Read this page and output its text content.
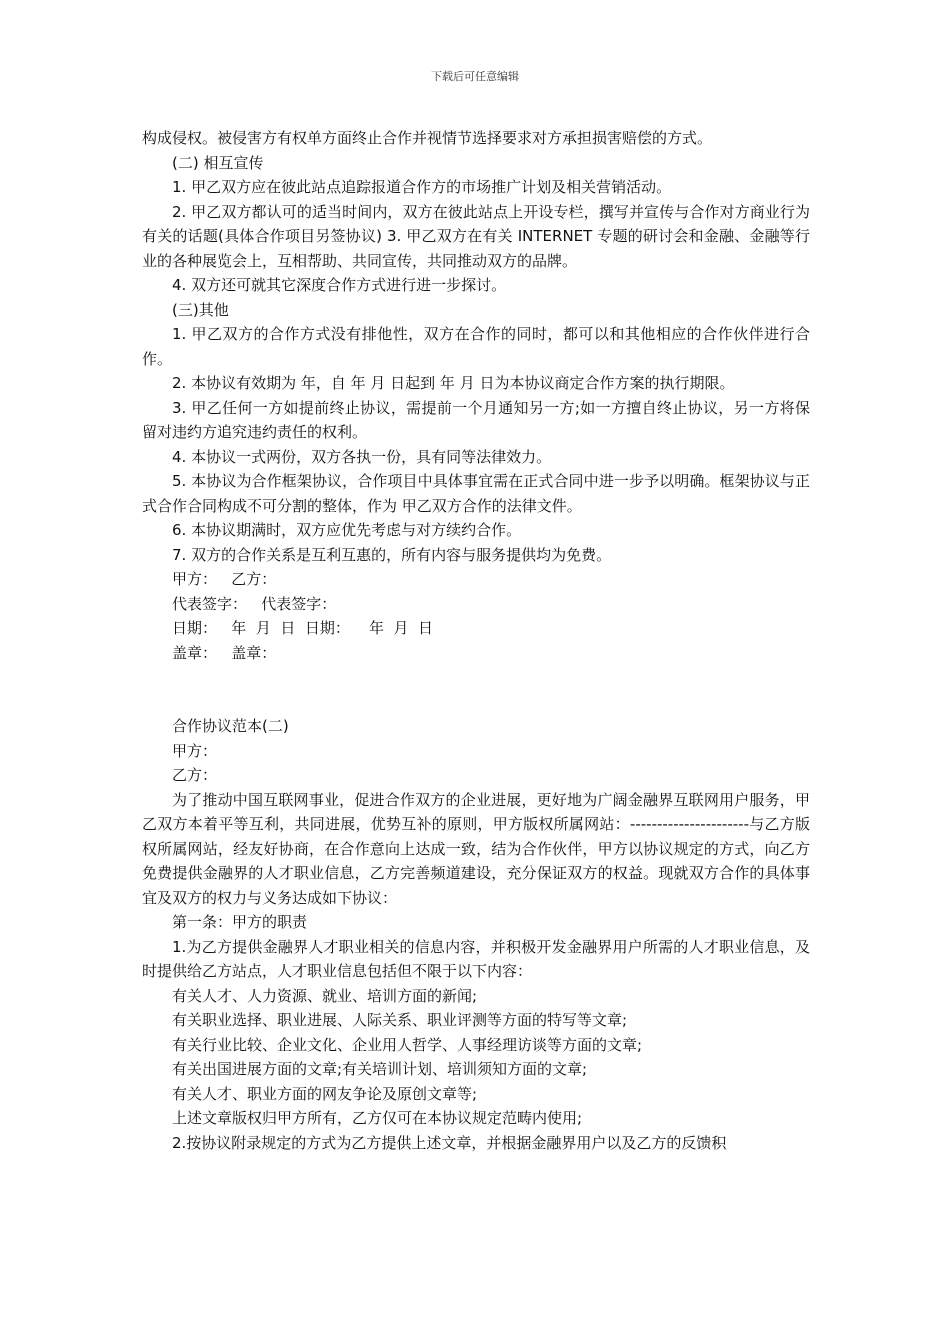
下载后可任意编辑

构成侵权。被侵害方有权单方面终止合作并视情节选择要求对方承担损害赔偿的方式。

(二) 相互宣传

1. 甲乙双方应在彼此站点追踪报道合作方的市场推广计划及相关营销活动。

2. 甲乙双方都认可的适当时间内，双方在彼此站点上开设专栏，撰写并宣传与合作对方商业行为有关的话题(具体合作项目另签协议) 3. 甲乙双方在有关 INTERNET 专题的研讨会和金融、金融等行业的各种展览会上，互相帮助、共同宣传，共同推动双方的品牌。

4. 双方还可就其它深度合作方式进行进一步探讨。

(三)其他

1. 甲乙双方的合作方式没有排他性，双方在合作的同时，都可以和其他相应的合作伙伴进行合作。

2. 本协议有效期为 年，自 年 月 日起到 年 月 日为本协议商定合作方案的执行期限。

3. 甲乙任何一方如提前终止协议，需提前一个月通知另一方;如一方擅自终止协议，另一方将保留对违约方追究违约责任的权利。

4. 本协议一式两份，双方各执一份，具有同等法律效力。

5. 本协议为合作框架协议，合作项目中具体事宜需在正式合同中进一步予以明确。框架协议与正式合作合同构成不可分割的整体，作为 甲乙双方合作的法律文件。

6. 本协议期满时，双方应优先考虑与对方续约合作。

7. 双方的合作关系是互利互惠的，所有内容与服务提供均为免费。

甲方：   乙方：

代表签字：   代表签字：

日期：   年  月  日  日期：    年  月  日

盖章：   盖章：

合作协议范本(二)

甲方：

乙方：

为了推动中国互联网事业，促进合作双方的企业进展，更好地为广阔金融界互联网用户服务，甲乙双方本着平等互利，共同进展，优势互补的原则，甲方版权所属网站：----------------------与乙方版权所属网站，经友好协商，在合作意向上达成一致，结为合作伙伴，甲方以协议规定的方式，向乙方免费提供金融界的人才职业信息，乙方完善频道建设，充分保证双方的权益。现就双方合作的具体事宜及双方的权力与义务达成如下协议：

第一条：甲方的职责

1.为乙方提供金融界人才职业相关的信息内容，并积极开发金融界用户所需的人才职业信息，及时提供给乙方站点，人才职业信息包括但不限于以下内容：

有关人才、人力资源、就业、培训方面的新闻;

有关职业选择、职业进展、人际关系、职业评测等方面的特写等文章;

有关行业比较、企业文化、企业用人哲学、人事经理访谈等方面的文章;

有关出国进展方面的文章;有关培训计划、培训须知方面的文章;

有关人才、职业方面的网友争论及原创文章等;

上述文章版权归甲方所有，乙方仅可在本协议规定范畴内使用;

2.按协议附录规定的方式为乙方提供上述文章，并根据金融界用户以及乙方的反馈积
